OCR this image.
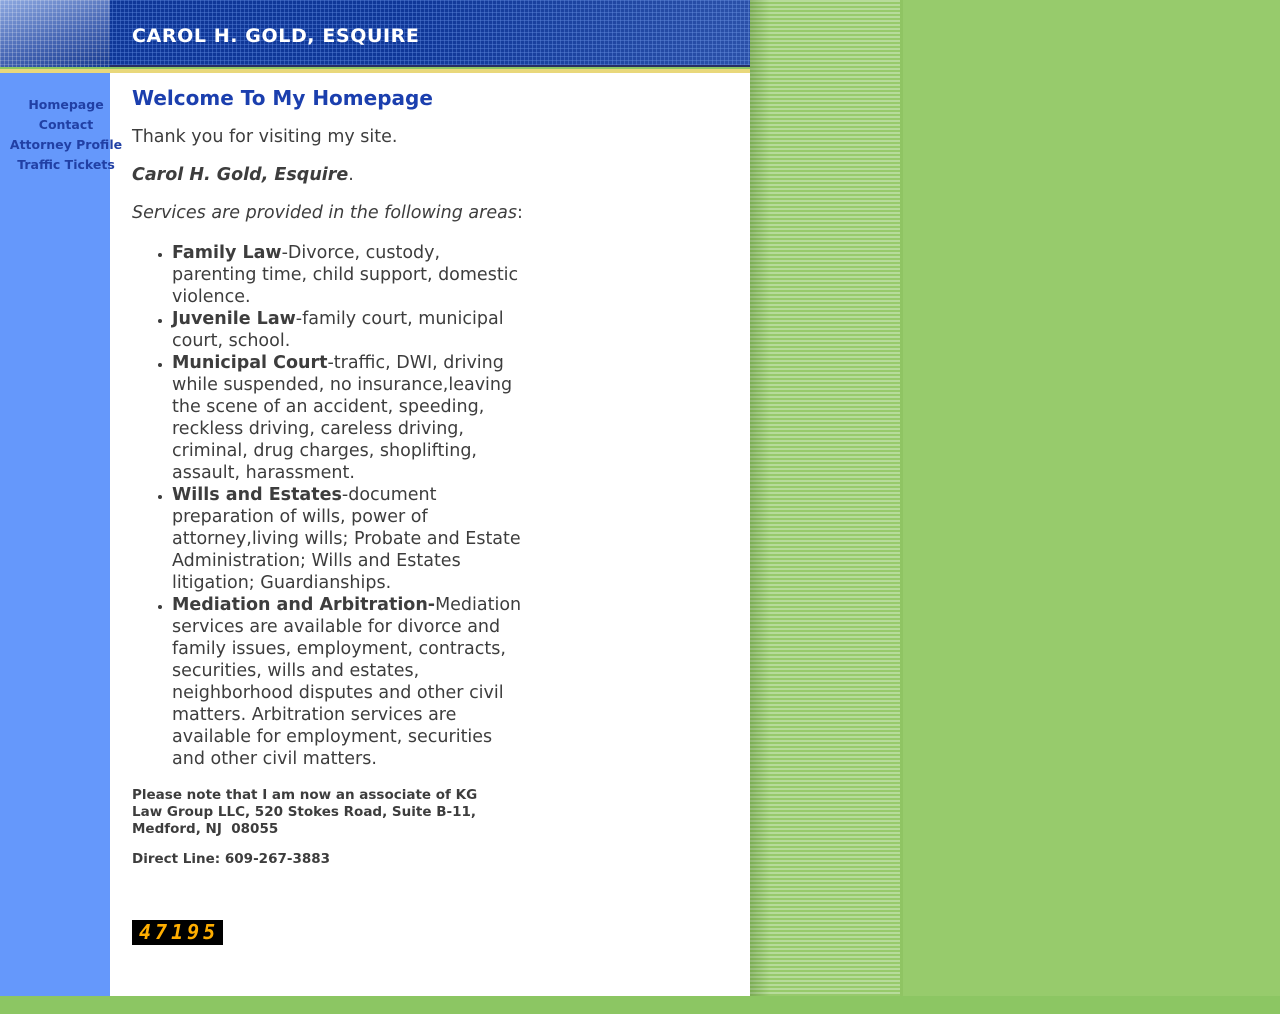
CAROL H. GOLD, ESQUIRE
Homepage
Contact
Attorney Profile
Traffic Tickets
Welcome To My Homepage

Thank you for visiting my site.

Carol H. Gold, Esquire.

Services are provided in the following areas:

• Family Law-Divorce, custody, parenting time, child support, domestic violence.
• Juvenile Law-family court, municipal court, school.
• Municipal Court-traffic, DWI, driving while suspended, no insurance,leaving the scene of an accident, speeding, reckless driving, careless driving, criminal, drug charges, shoplifting, assault, harassment.
• Wills and Estates-document preparation of wills, power of attorney,living wills; Probate and Estate Administration; Wills and Estates litigation; Guardianships.
• Mediation and Arbitration-Mediation services are available for divorce and family issues, employment, contracts, securities, wills and estates, neighborhood disputes and other civil matters. Arbitration services are available for employment, securities and other civil matters.

Please note that I am now an associate of KG Law Group LLC, 520 Stokes Road, Suite B-11, Medford, NJ  08055

Direct Line: 609-267-3883

47195
